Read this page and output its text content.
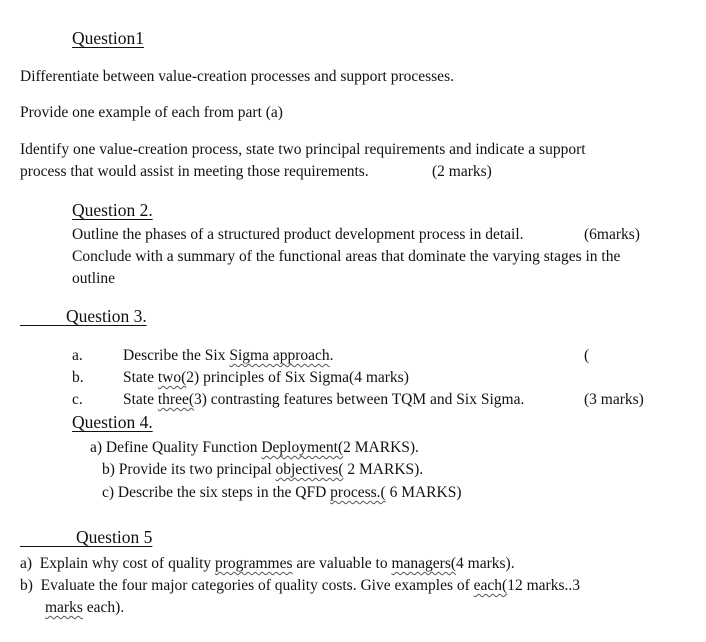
Question1
Differentiate between value-creation processes and support processes.
Provide one example of each from part (a)
Identify one value-creation process, state two principal requirements and indicate a support
process that would assist in meeting those requirements.	(2 marks)
Question 2.
Outline the phases of a structured product development process in detail.	(6marks)
Conclude with a summary of the functional areas that dominate the varying stages in the
outline
Question 3.
a.	Describe the Six Sigma approach.	(
b.	State two(2) principles of Six Sigma(4 marks)
c.	State three(3) contrasting features between TQM and Six Sigma.	(3 marks)
Question 4.
a) Define Quality Function Deployment(2 MARKS).
b) Provide its two principal objectives( 2 MARKS).
c) Describe the six steps in the QFD process.( 6 MARKS)
Question 5
a) Explain why cost of quality programmes are valuable to managers(4 marks).
b) Evaluate the four major categories of quality costs. Give examples of each(12 marks..3
marks each).
